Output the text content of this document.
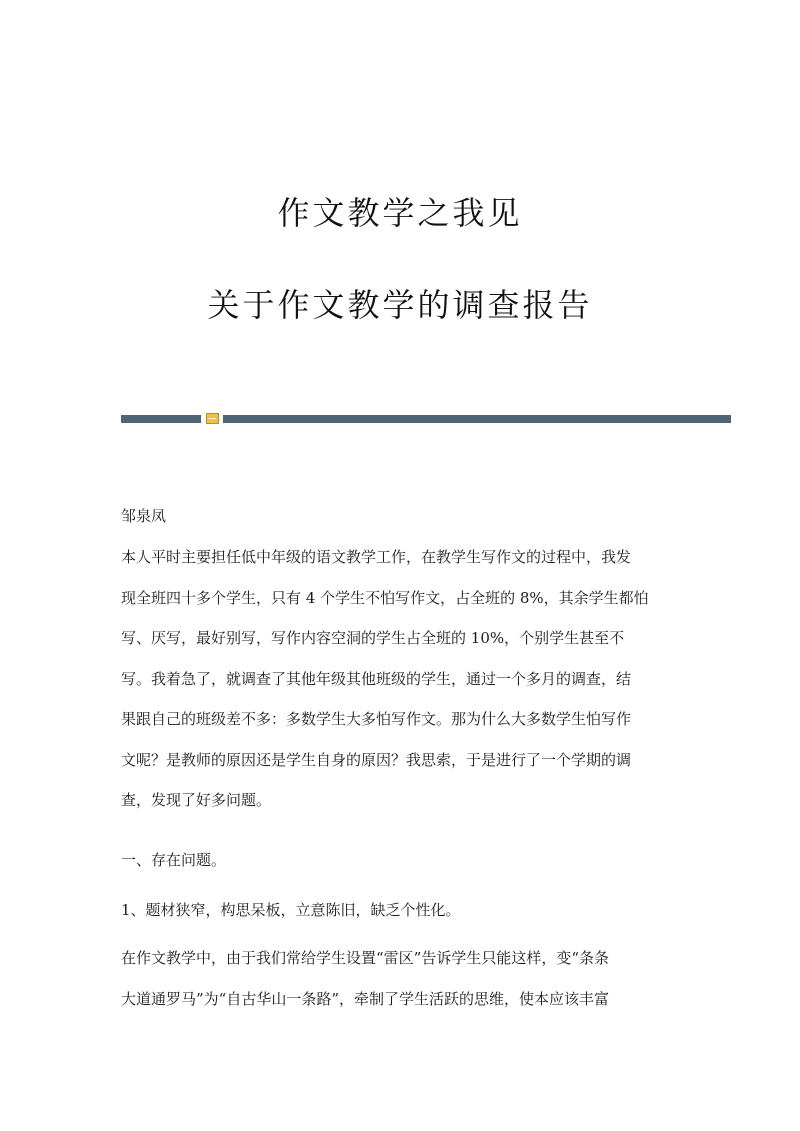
作文教学之我见
关于作文教学的调查报告

邹泉凤

本人平时主要担任低中年级的语文教学工作，在教学生写作文的过程中，我发
现全班四十多个学生，只有 4 个学生不怕写作文，占全班的 8%，其余学生都怕
写、厌写，最好别写，写作内容空洞的学生占全班的 10%，个别学生甚至不
写。我着急了，就调查了其他年级其他班级的学生，通过一个多月的调查，结
果跟自己的班级差不多：多数学生大多怕写作文。那为什么大多数学生怕写作
文呢？是教师的原因还是学生自身的原因？我思索，于是进行了一个学期的调
查，发现了好多问题。

一、存在问题。

1、题材狭窄，构思呆板，立意陈旧，缺乏个性化。

在作文教学中，由于我们常给学生设置“雷区”告诉学生只能这样，变“条条
大道通罗马”为“自古华山一条路”，牵制了学生活跃的思维，使本应该丰富
